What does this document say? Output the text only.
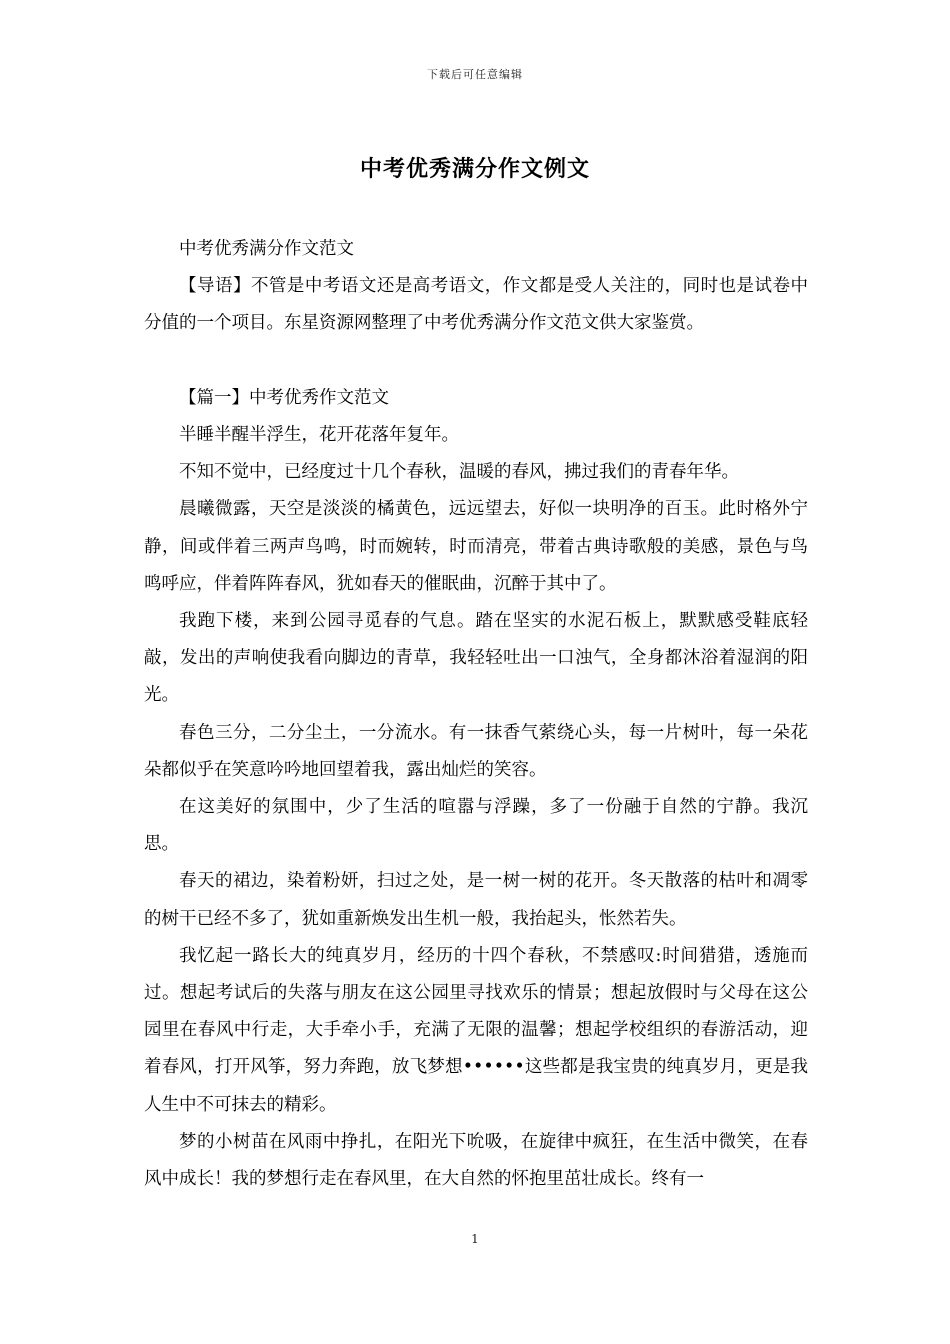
下载后可任意编辑
中考优秀满分作文例文

中考优秀满分作文范文

【导语】不管是中考语文还是高考语文，作文都是受人关注的，同时也是试卷中分值的一个项目。东星资源网整理了中考优秀满分作文范文供大家鉴赏。

【篇一】中考优秀作文范文

半睡半醒半浮生，花开花落年复年。

不知不觉中，已经度过十几个春秋，温暖的春风，拂过我们的青春年华。

晨曦微露，天空是淡淡的橘黄色，远远望去，好似一块明净的百玉。此时格外宁静，间或伴着三两声鸟鸣，时而婉转，时而清亮，带着古典诗歌般的美感，景色与鸟鸣呼应，伴着阵阵春风，犹如春天的催眠曲，沉醉于其中了。

我跑下楼，来到公园寻觅春的气息。踏在坚实的水泥石板上，默默感受鞋底轻敲，发出的声响使我看向脚边的青草，我轻轻吐出一口浊气，全身都沐浴着湿润的阳光。

春色三分，二分尘土，一分流水。有一抹香气萦绕心头，每一片树叶，每一朵花朵都似乎在笑意吟吟地回望着我，露出灿烂的笑容。

在这美好的氛围中，少了生活的喧嚣与浮躁，多了一份融于自然的宁静。我沉思。

春天的裙边，染着粉妍，扫过之处，是一树一树的花开。冬天散落的枯叶和凋零的树干已经不多了，犹如重新焕发出生机一般，我抬起头，怅然若失。

我忆起一路长大的纯真岁月，经历的十四个春秋，不禁感叹:时间猎猎，透施而过。想起考试后的失落与朋友在这公园里寻找欢乐的情景；想起放假时与父母在这公园里在春风中行走，大手牵小手，充满了无限的温馨；想起学校组织的春游活动，迎着春风，打开风筝，努力奔跑，放飞梦想••••••这些都是我宝贵的纯真岁月，更是我人生中不可抹去的精彩。

梦的小树苗在风雨中挣扎，在阳光下吮吸，在旋律中疯狂，在生活中微笑，在春风中成长！我的梦想行走在春风里，在大自然的怀抱里茁壮成长。终有一

1
